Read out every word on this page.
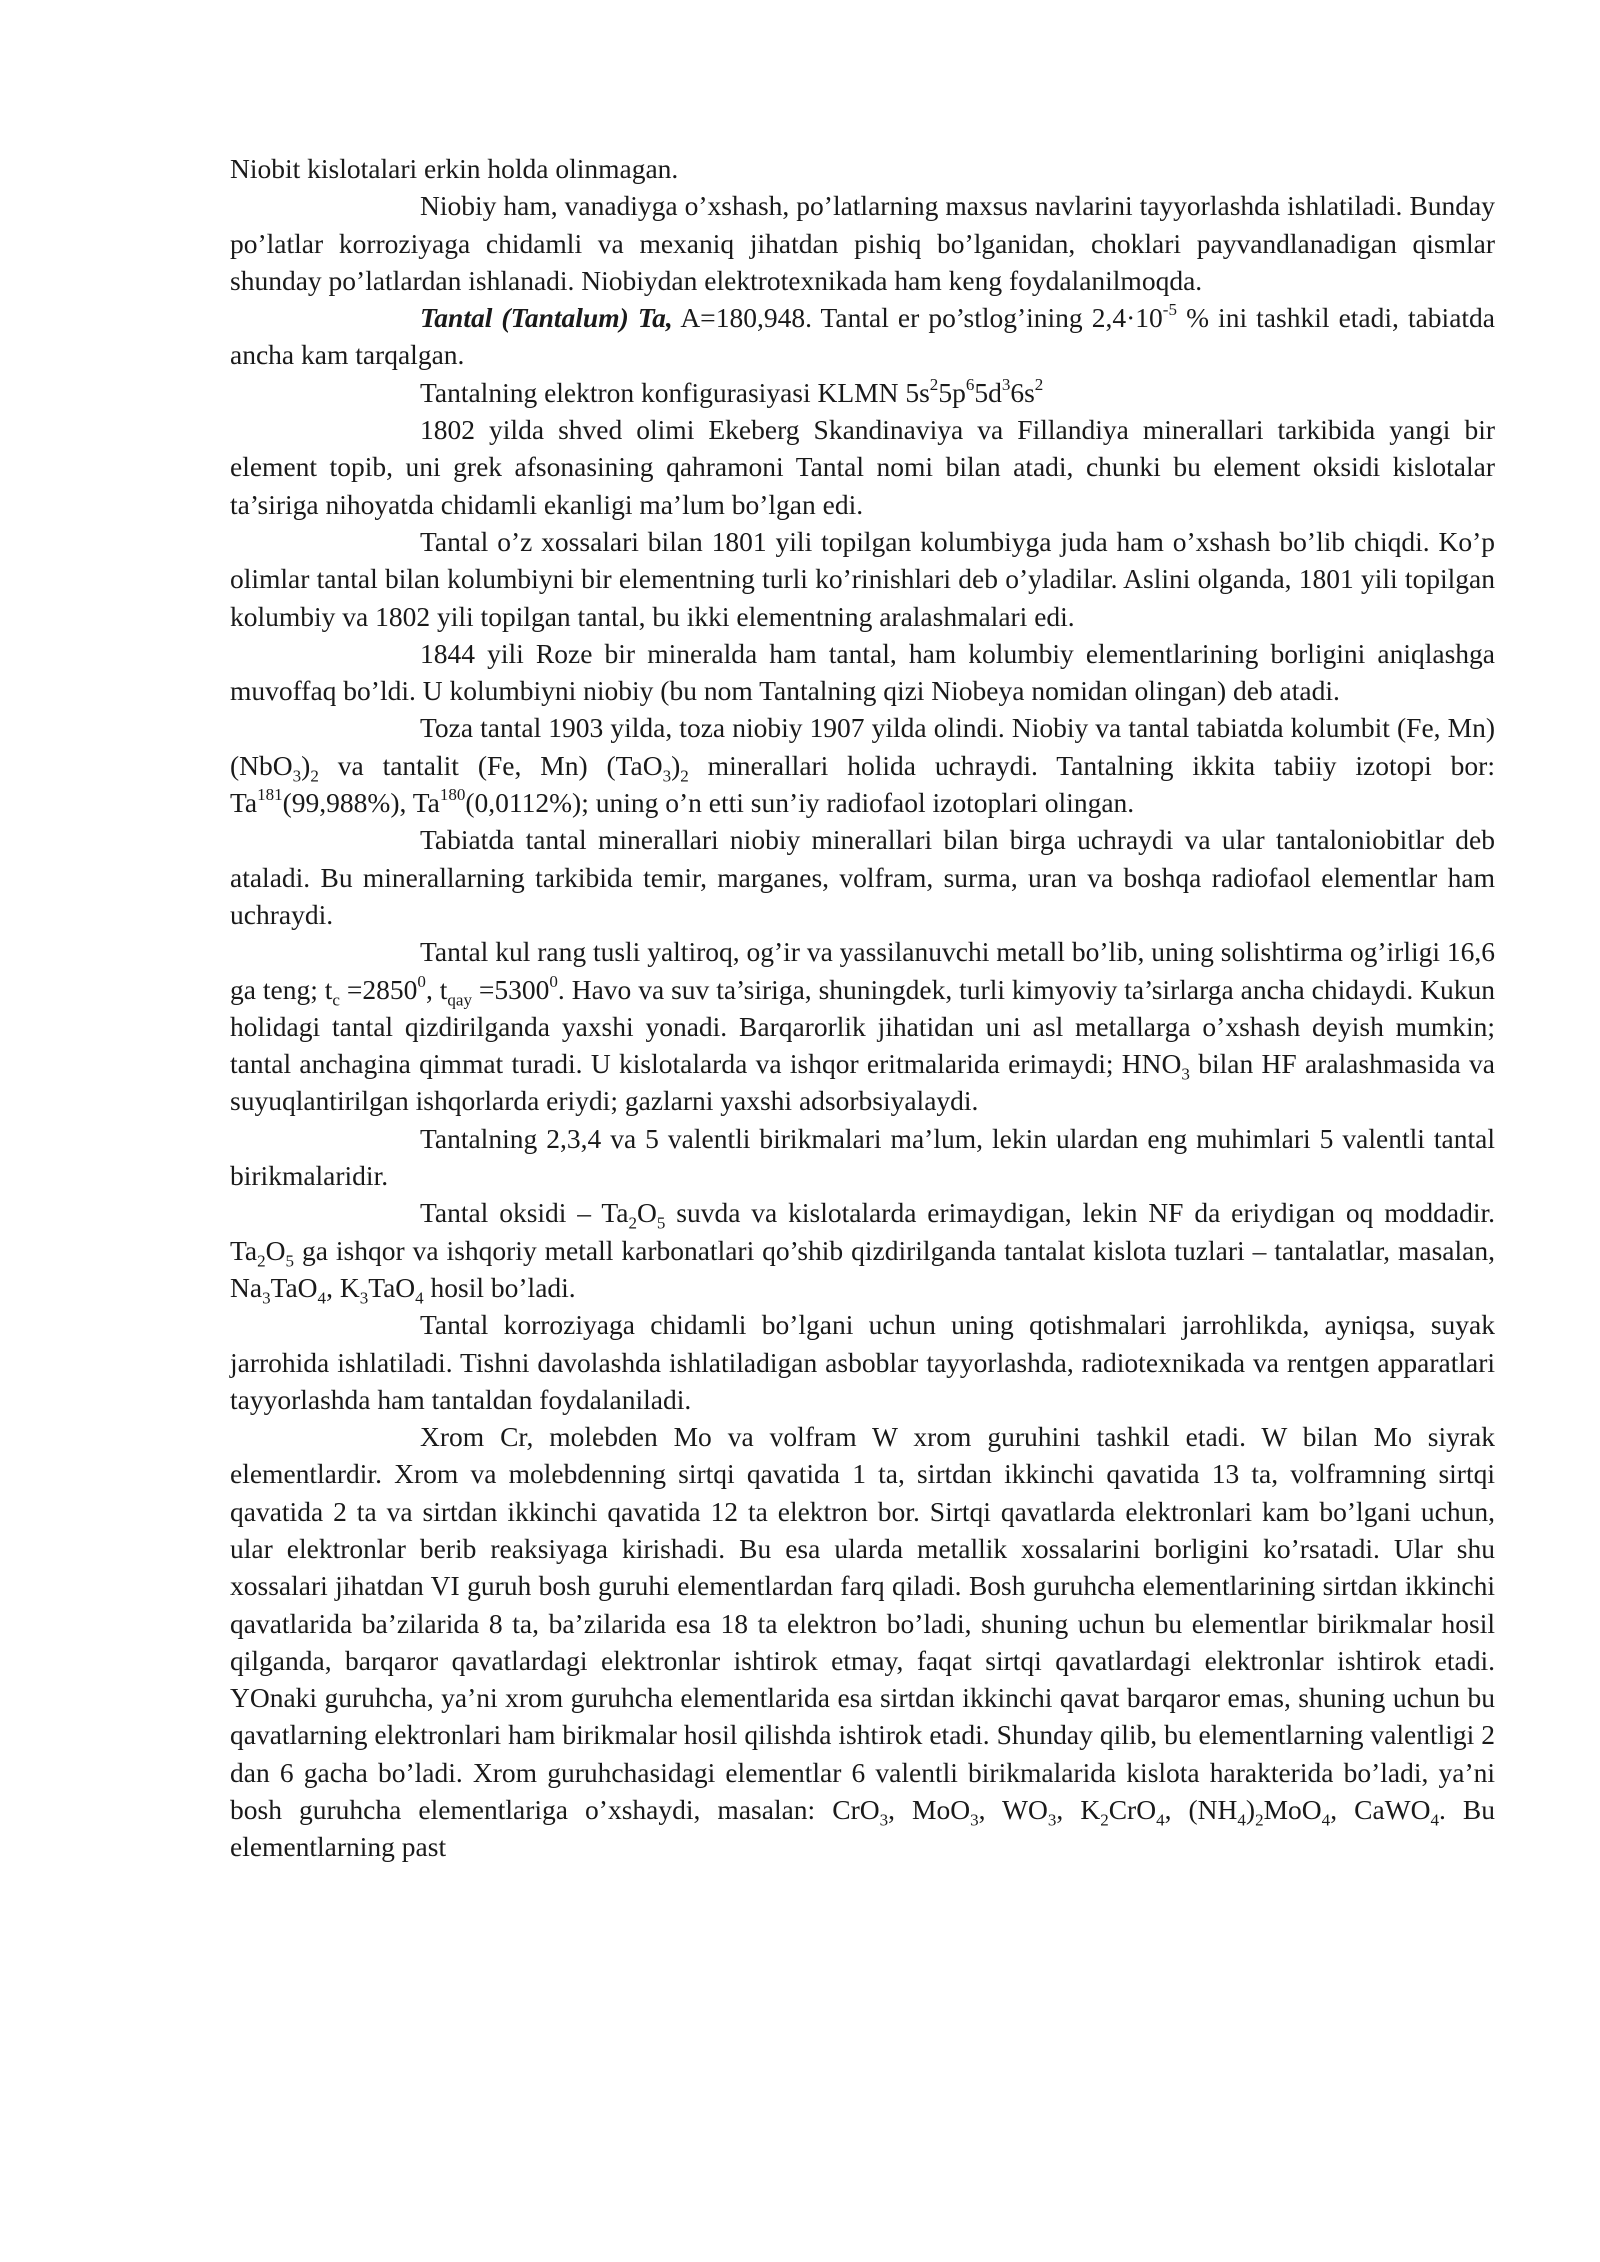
Niobit kislotalari erkin holda olinmagan.

Niobiy ham, vanadiyga o’xshash, po’latlarning maxsus navlarini tayyorlashda ishlatiladi. Bunday po’latlar korroziyaga chidamli va mexaniq jihatdan pishiq bo’lganidan, choklari payvandlanadigan qismlar shunday po’latlardan ishlanadi. Niobiydan elektrotexnikada ham keng foydalanilmoqda.

Tantal (Tantalum) Ta, A=180,948. Tantal er po’stlog’ining $2,4\cdot 10^{-5}$ % ini tashkil etadi, tabiatda ancha kam tarqalgan.

Tantalning elektron konfigurasiyasi KLMN $5s^25p^65d^36s^2$

1802 yilda shved olimi Ekeberg Skandinaviya va Fillandiya minerallari tarkibida yangi bir element topib, uni grek afsonasining qahramoni Tantal nomi bilan atadi, chunki bu element oksidi kislotalar ta’siriga nihoyatda chidamli ekanligi ma’lum bo’lgan edi.

Tantal o’z xossalari bilan 1801 yili topilgan kolumbiyga juda ham o’xshash bo’lib chiqdi. Ko’p olimlar tantal bilan kolumbiyni bir elementning turli ko’rinishlari deb o’yladilar. Aslini olganda, 1801 yili topilgan kolumbiy va 1802 yili topilgan tantal, bu ikki elementning aralashmalari edi.

1844 yili Roze bir mineralda ham tantal, ham kolumbiy elementlarining borligini aniqlashga muvoffaq bo’ldi. U kolumbiyni niobiy (bu nom Tantalning qizi Niobeya nomidan olingan) deb atadi.

Toza tantal 1903 yilda, toza niobiy 1907 yilda olindi. Niobiy va tantal tabiatda kolumbit (Fe, Mn) $(NbO_3)_2$ va tantalit (Fe, Mn) $(TaO_3)_2$ minerallari holida uchraydi. Tantalning ikkita tabiiy izotopi bor: Ta$^{181}$(99,988%), Ta$^{180}$(0,0112%); uning o’n etti sun’iy radiofaol izotoplari olingan.

Tabiatda tantal minerallari niobiy minerallari bilan birga uchraydi va ular tantaloniobitlar deb ataladi. Bu minerallarning tarkibida temir, marganes, volfram, surma, uran va boshqa radiofaol elementlar ham uchraydi.

Tantal kul rang tusli yaltiroq, og’ir va yassilanuvchi metall bo’lib, uning solishtirma og’irligi 16,6 ga teng; $t_c =2850^0$, $t_{qay} =5300^0$. Havo va suv ta’siriga, shuningdek, turli kimyoviy ta’sirlarga ancha chidaydi. Kukun holidagi tantal qizdirilganda yaxshi yonadi. Barqarorlik jihatidan uni asl metallarga o’xshash deyish mumkin; tantal anchagina qimmat turadi. U kislotalarda va ishqor eritmalarida erimaydi; $HNO_3$ bilan HF aralashmasida va suyuqlantirilgan ishqorlarda eriydi; gazlarni yaxshi adsorbsiyalaydi.

Tantalning 2,3,4 va 5 valentli birikmalari ma’lum, lekin ulardan eng muhimlari 5 valentli tantal birikmalaridir.

Tantal oksidi – $Ta_2O_5$ suvda va kislotalarda erimaydigan, lekin NF da eriydigan oq moddadir. $Ta_2O_5$ ga ishqor va ishqoriy metall karbonatlari qo’shib qizdirilganda tantalat kislota tuzlari – tantalatlar, masalan, $Na_3TaO_4$, $K_3TaO_4$ hosil bo’ladi.

Tantal korroziyaga chidamli bo’lgani uchun uning qotishmalari jarrohlikda, ayniqsa, suyak jarrohida ishlatiladi. Tishni davolashda ishlatiladigan asboblar tayyorlashda, radiotexnikada va rentgen apparatlari tayyorlashda ham tantaldan foydalaniladi.

Xrom Cr, molebden Mo va volfram W xrom guruhini tashkil etadi. W bilan Mo siyrak elementlardir. Xrom va molebdenning sirtqi qavatida 1 ta, sirtdan ikkinchi qavatida 13 ta, volframning sirtqi qavatida 2 ta va sirtdan ikkinchi qavatida 12 ta elektron bor. Sirtqi qavatlarda elektronlari kam bo’lgani uchun, ular elektronlar berib reaksiyaga kirishadi. Bu esa ularda metallik xossalarini borligini ko’rsatadi. Ular shu xossalari jihatdan VI guruh bosh guruhi elementlardan farq qiladi. Bosh guruhcha elementlarining sirtdan ikkinchi qavatlarida ba’zilarida 8 ta, ba’zilarida esa 18 ta elektron bo’ladi, shuning uchun bu elementlar birikmalar hosil qilganda, barqaror qavatlardagi elektronlar ishtirok etmay, faqat sirtqi qavatlardagi elektronlar ishtirok etadi. YOnaki guruhcha, ya’ni xrom guruhcha elementlarida esa sirtdan ikkinchi qavat barqaror emas, shuning uchun bu qavatlarning elektronlari ham birikmalar hosil qilishda ishtirok etadi. Shunday qilib, bu elementlarning valentligi 2 dan 6 gacha bo’ladi. Xrom guruhchasidagi elementlar 6 valentli birikmalarida kislota harakterida bo’ladi, ya’ni bosh guruhcha elementlariga o’xshaydi, masalan: CrO$_3$, MoO$_3$, $WO_3$, $K_2CrO_4$, $(NH_4)_2MoO_4$, CaWO$_4$. Bu elementlarning past
